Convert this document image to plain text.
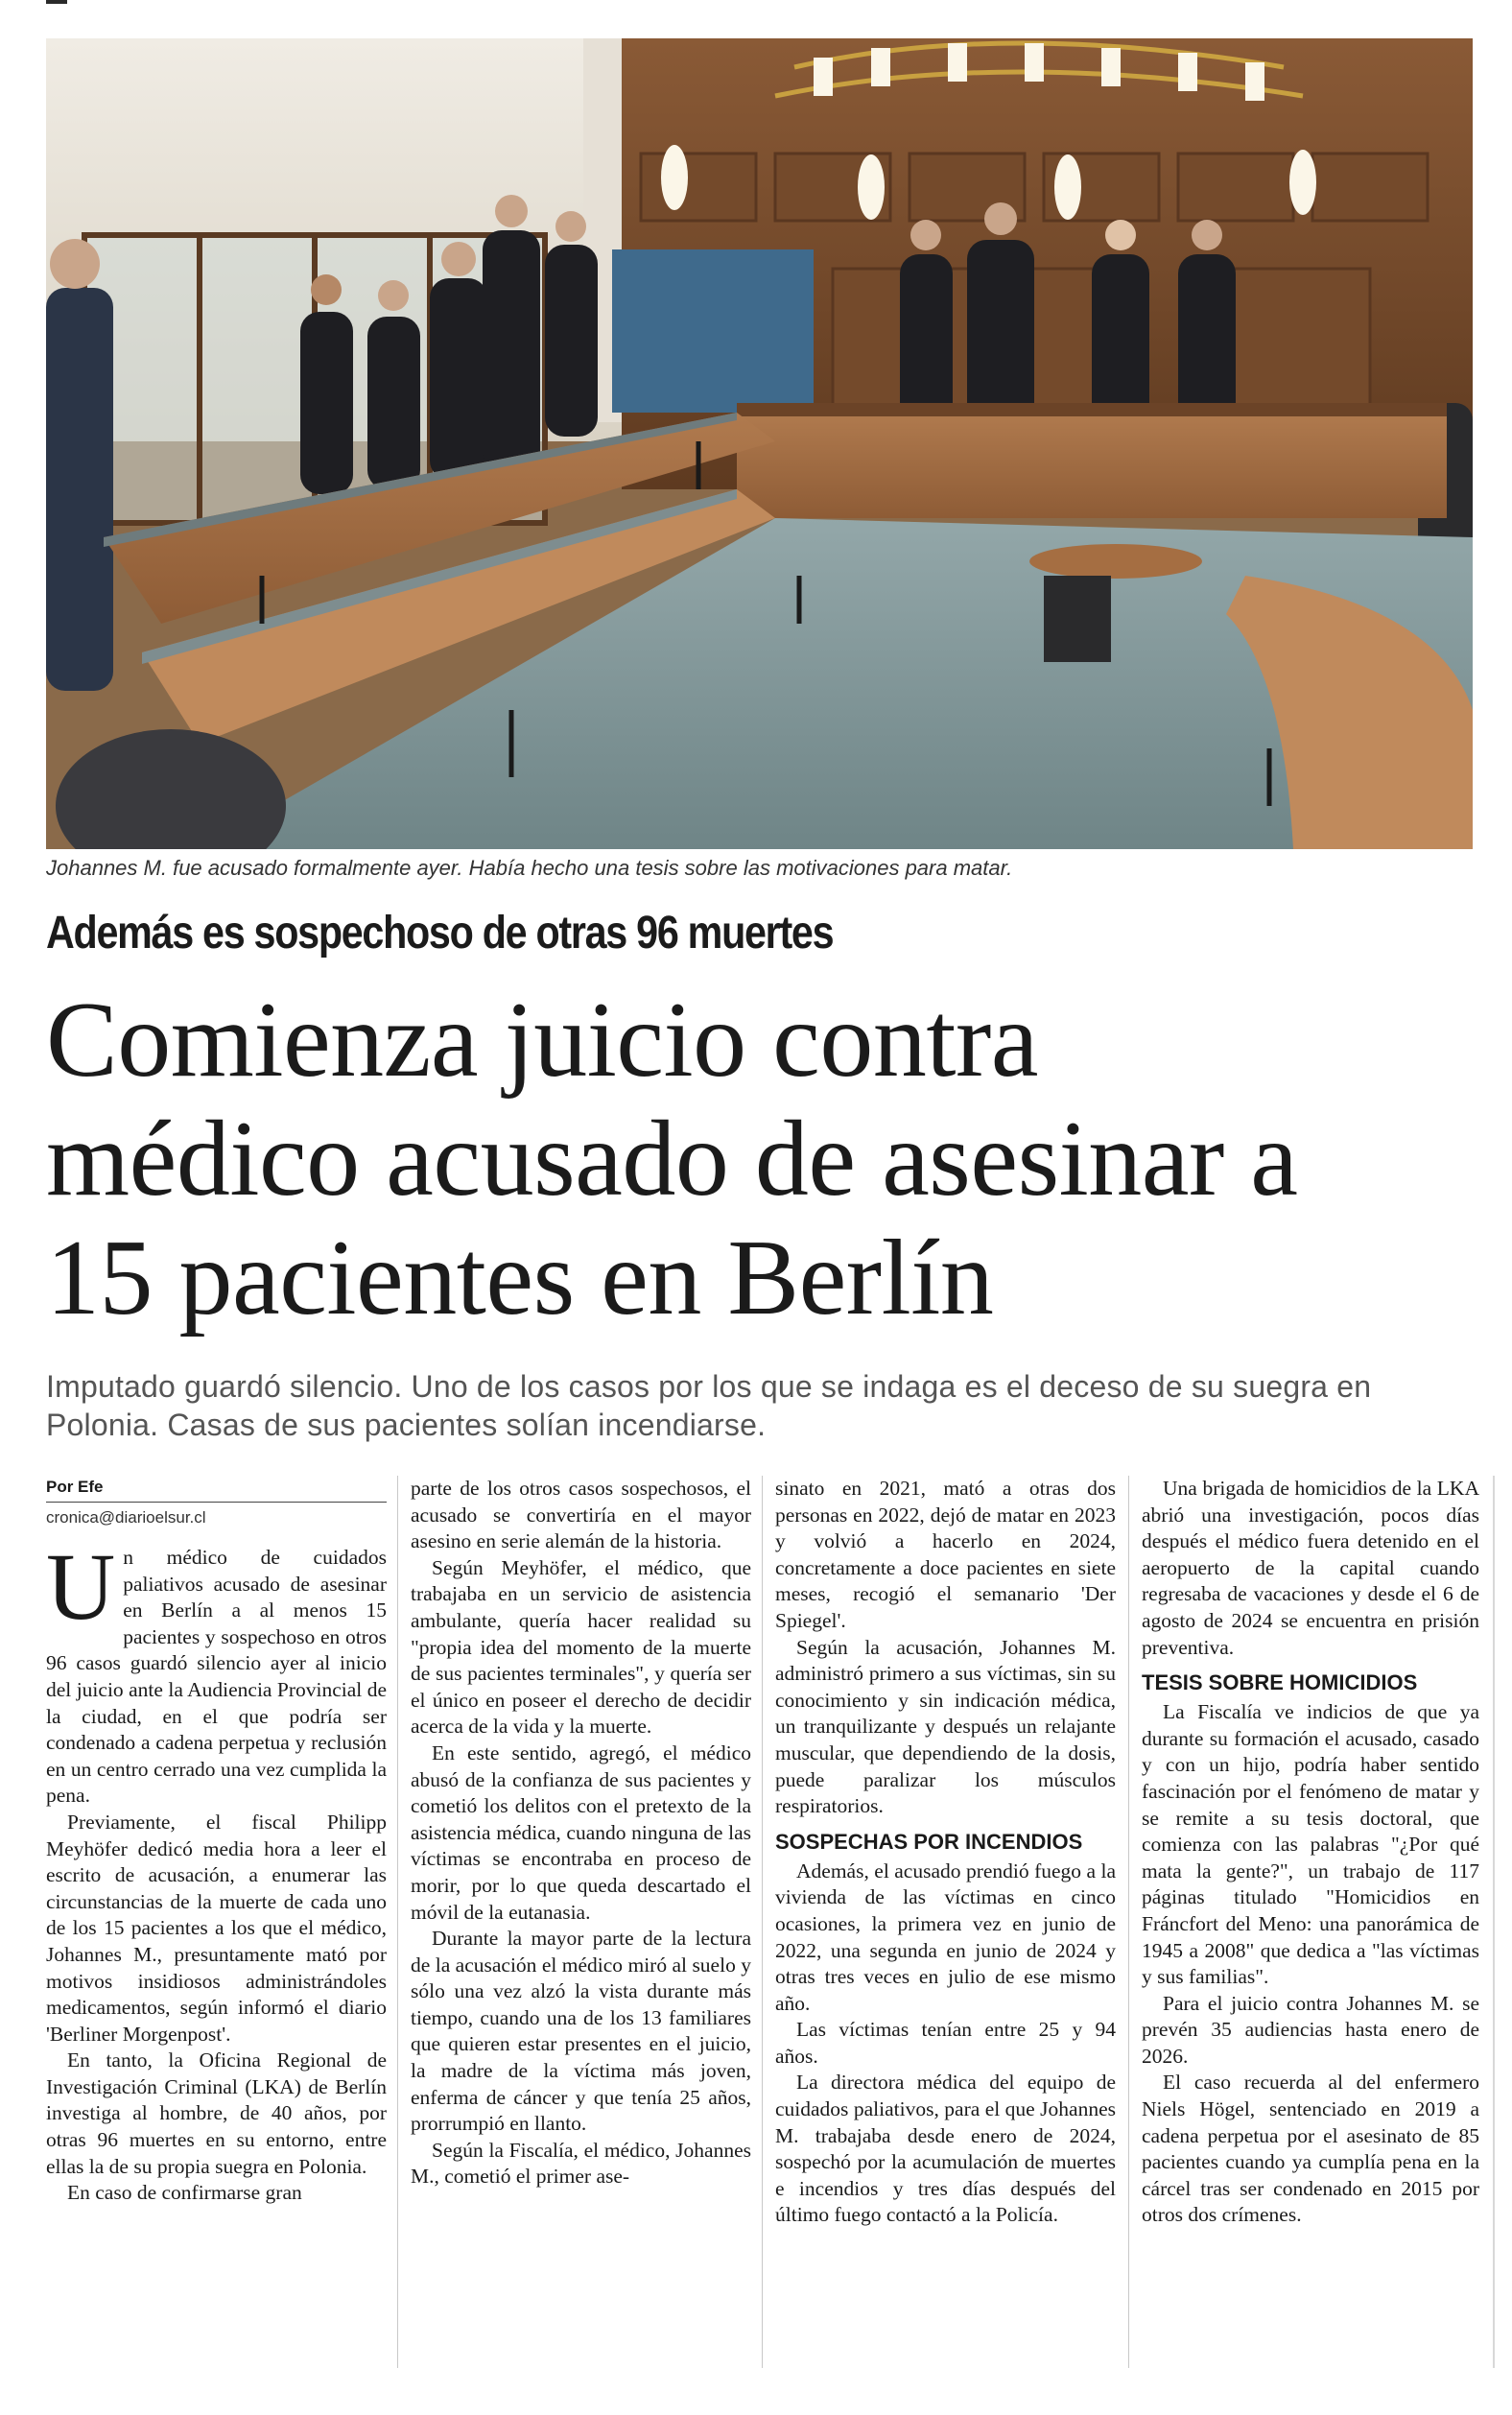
Johannes M. fue acusado formalmente ayer. Había hecho una tesis sobre las motivaciones para matar.
Además es sospechoso de otras 96 muertes
Comienza juicio contra
médico acusado de asesinar a
15 pacientes en Berlín
Imputado guardó silencio. Uno de los casos por los que se indaga es el deceso de su suegra en Polonia. Casas de sus pacientes solían incendiarse.
Por Efe
cronica@diarioelsur.cl

Un médico de cuidados paliativos acusado de asesinar en Berlín a al menos 15 pacientes y sospechoso en otros 96 casos guardó silencio ayer al inicio del juicio ante la Audiencia Provincial de la ciudad, en el que podría ser condenado a cadena perpetua y reclusión en un centro cerrado una vez cumplida la pena.

Previamente, el fiscal Philipp Meyhöfer dedicó media hora a leer el escrito de acusación, a enumerar las circunstancias de la muerte de cada uno de los 15 pacientes a los que el médico, Johannes M., presuntamente mató por motivos insidiosos administrándoles medicamentos, según informó el diario 'Berliner Morgenpost'.

En tanto, la Oficina Regional de Investigación Criminal (LKA) de Berlín investiga al hombre, de 40 años, por otras 96 muertes en su entorno, entre ellas la de su propia suegra en Polonia.

En caso de confirmarse gran

parte de los otros casos sospechosos, el acusado se convertiría en el mayor asesino en serie alemán de la historia.

Según Meyhöfer, el médico, que trabajaba en un servicio de asistencia ambulante, quería hacer realidad su "propia idea del momento de la muerte de sus pacientes terminales", y quería ser el único en poseer el derecho de decidir acerca de la vida y la muerte.

En este sentido, agregó, el médico abusó de la confianza de sus pacientes y cometió los delitos con el pretexto de la asistencia médica, cuando ninguna de las víctimas se encontraba en proceso de morir, por lo que queda descartado el móvil de la eutanasia.

Durante la mayor parte de la lectura de la acusación el médico miró al suelo y sólo una vez alzó la vista durante más tiempo, cuando una de los 13 familiares que quieren estar presentes en el juicio, la madre de la víctima más joven, enferma de cáncer y que tenía 25 años, prorrumpió en llanto.

Según la Fiscalía, el médico, Johannes M., cometió el primer ase-

sinato en 2021, mató a otras dos personas en 2022, dejó de matar en 2023 y volvió a hacerlo en 2024, concretamente a doce pacientes en siete meses, recogió el semanario 'Der Spiegel'.

Según la acusación, Johannes M. administró primero a sus víctimas, sin su conocimiento y sin indicación médica, un tranquilizante y después un relajante muscular, que dependiendo de la dosis, puede paralizar los músculos respiratorios.

SOSPECHAS POR INCENDIOS

Además, el acusado prendió fuego a la vivienda de las víctimas en cinco ocasiones, la primera vez en junio de 2022, una segunda en junio de 2024 y otras tres veces en julio de ese mismo año.

Las víctimas tenían entre 25 y 94 años.

La directora médica del equipo de cuidados paliativos, para el que Johannes M. trabajaba desde enero de 2024, sospechó por la acumulación de muertes e incendios y tres días después del último fuego contactó a la Policía.

Una brigada de homicidios de la LKA abrió una investigación, pocos días después el médico fuera detenido en el aeropuerto de la capital cuando regresaba de vacaciones y desde el 6 de agosto de 2024 se encuentra en prisión preventiva.

TESIS SOBRE HOMICIDIOS

La Fiscalía ve indicios de que ya durante su formación el acusado, casado y con un hijo, podría haber sentido fascinación por el fenómeno de matar y se remite a su tesis doctoral, que comienza con las palabras "¿Por qué mata la gente?", un trabajo de 117 páginas titulado "Homicidios en Fráncfort del Meno: una panorámica de 1945 a 2008" que dedica a "las víctimas y sus familias".

Para el juicio contra Johannes M. se prevén 35 audiencias hasta enero de 2026.

El caso recuerda al del enfermero Niels Högel, sentenciado en 2019 a cadena perpetua por el asesinato de 85 pacientes cuando ya cumplía pena en la cárcel tras ser condenado en 2015 por otros dos crímenes.
